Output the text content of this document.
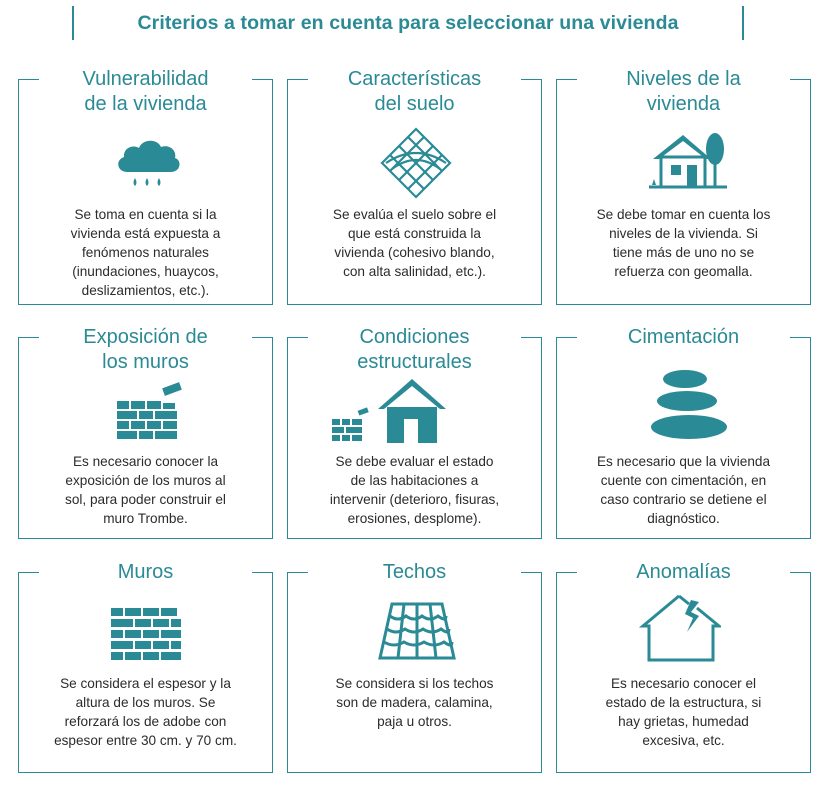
Criterios a tomar en cuenta para seleccionar una vivienda
Vulnerabilidad
de la vivienda
Se toma en cuenta si la
vivienda está expuesta a
fenómenos naturales
(inundaciones, huaycos,
deslizamientos, etc.).
Características
del suelo
Se evalúa el suelo sobre el
que está construida la
vivienda (cohesivo blando,
con alta salinidad, etc.).
Niveles de la
vivienda
Se debe tomar en cuenta los
niveles de la vivienda. Si
tiene más de uno no se
refuerza con geomalla.
Exposición de
los muros
Es necesario conocer la
exposición de los muros al
sol, para poder construir el
muro Trombe.
Condiciones
estructurales
Se debe evaluar el estado
de las habitaciones a
intervenir (deterioro, fisuras,
erosiones, desplome).
Cimentación
Es necesario que la vivienda
cuente con cimentación, en
caso contrario se detiene el
diagnóstico.
Muros
Se considera el espesor y la
altura de los muros. Se
reforzará los de adobe con
espesor entre 30 cm. y 70 cm.
Techos
Se considera si los techos
son de madera, calamina,
paja u otros.
Anomalías
Es necesario conocer el
estado de la estructura, si
hay grietas, humedad
excesiva, etc.
